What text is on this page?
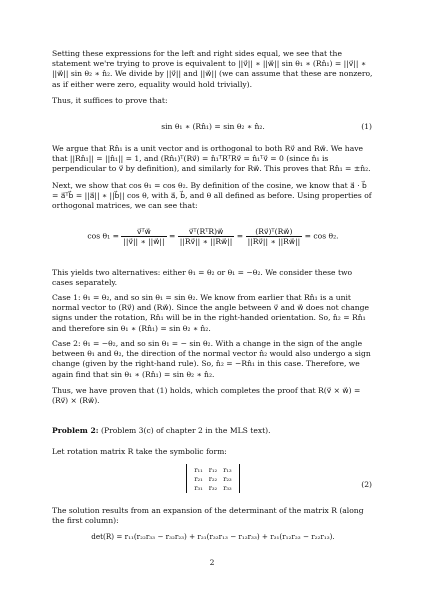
Setting these expressions for the left and right sides equal, we see that the statement we're trying to prove is equivalent to ||v⃗|| ∗ ||w⃗|| sin θ₁ ∗ (Rn̂₁) = ||v⃗|| ∗ ||w⃗|| sin θ₂ ∗ n̂₂. We divide by ||v⃗|| and ||w⃗|| (we can assume that these are nonzero, as if either were zero, equality would hold trivially).

Thus, it suffices to prove that:

sin θ₁ ∗ (Rn̂₁) = sin θ₂ ∗ n̂₂.	(1)

We argue that Rn̂₁ is a unit vector and is orthogonal to both Rv⃗ and Rw⃗. We have that ||Rn̂₁|| = ||n̂₁|| = 1, and (Rn̂₁)ᵀ(Rv⃗) = n̂₁ᵀRᵀRv⃗ = n̂₁ᵀv⃗ = 0 (since n̂₁ is perpendicular to v⃗ by definition), and similarly for Rw⃗. This proves that Rn̂₁ = ±n̂₂.

Next, we show that cos θ₁ = cos θ₂. By definition of the cosine, we know that a⃗ · b⃗ = a⃗ᵀb⃗ = ||a⃗|| ∗ ||b⃗|| cos θ, with a⃗, b⃗, and θ all defined as before. Using properties of orthogonal matrices, we can see that:

$\cos \theta_1 = \frac{\text{v⃗ᵀw⃗}}{||v⃗|| ∗ ||w⃗||} = \frac{\text{v⃗ᵀ(RᵀR)w⃗}}{||Rv⃗|| ∗ ||Rw⃗||} = \frac{\text{(Rv⃗)ᵀ(Rw⃗)}}{||Rv⃗|| ∗ ||Rw⃗||} = \cos \theta_2$.

This yields two alternatives: either θ₁ = θ₂ or θ₁ = −θ₂. We consider these two cases separately.

Case 1: θ₁ = θ₂, and so sin θ₁ = sin θ₂. We know from earlier that Rn̂₁ is a unit normal vector to (Rv⃗) and (Rw⃗). Since the angle between v⃗ and w⃗ does not change signs under the rotation, Rn̂₁ will be in the right-handed orientation. So, n̂₂ = Rn̂₁ and therefore sin θ₁ ∗ (Rn̂₁) = sin θ₂ ∗ n̂₂.

Case 2: θ₁ = −θ₂, and so sin θ₁ = − sin θ₂. With a change in the sign of the angle between θ₁ and θ₂, the direction of the normal vector n̂₂ would also undergo a sign change (given by the right-hand rule). So, n̂₂ = −Rn̂₁ in this case. Therefore, we again find that sin θ₁ ∗ (Rn̂₁) = sin θ₂ ∗ n̂₂.

Thus, we have proven that (1) holds, which completes the proof that R(v⃗ × w⃗) = (Rv⃗) × (Rw⃗).

Problem 2: (Problem 3(c) of chapter 2 in the MLS text).

Let rotation matrix R take the symbolic form:

r₁₁	r₁₂	r₁₃
r₂₁	r₂₂	r₂₃
r₃₁	r₃₂	r₃₃	(2)

The solution results from an expansion of the determinant of the matrix R (along the first column):

det(R) = r₁₁(r₂₂r₃₃ − r₃₂r₂₃) + r₂₁(r₃₂r₁₃ − r₁₂r₃₃) + r₃₁(r₁₂r₂₃ − r₂₂r₁₃).
2
